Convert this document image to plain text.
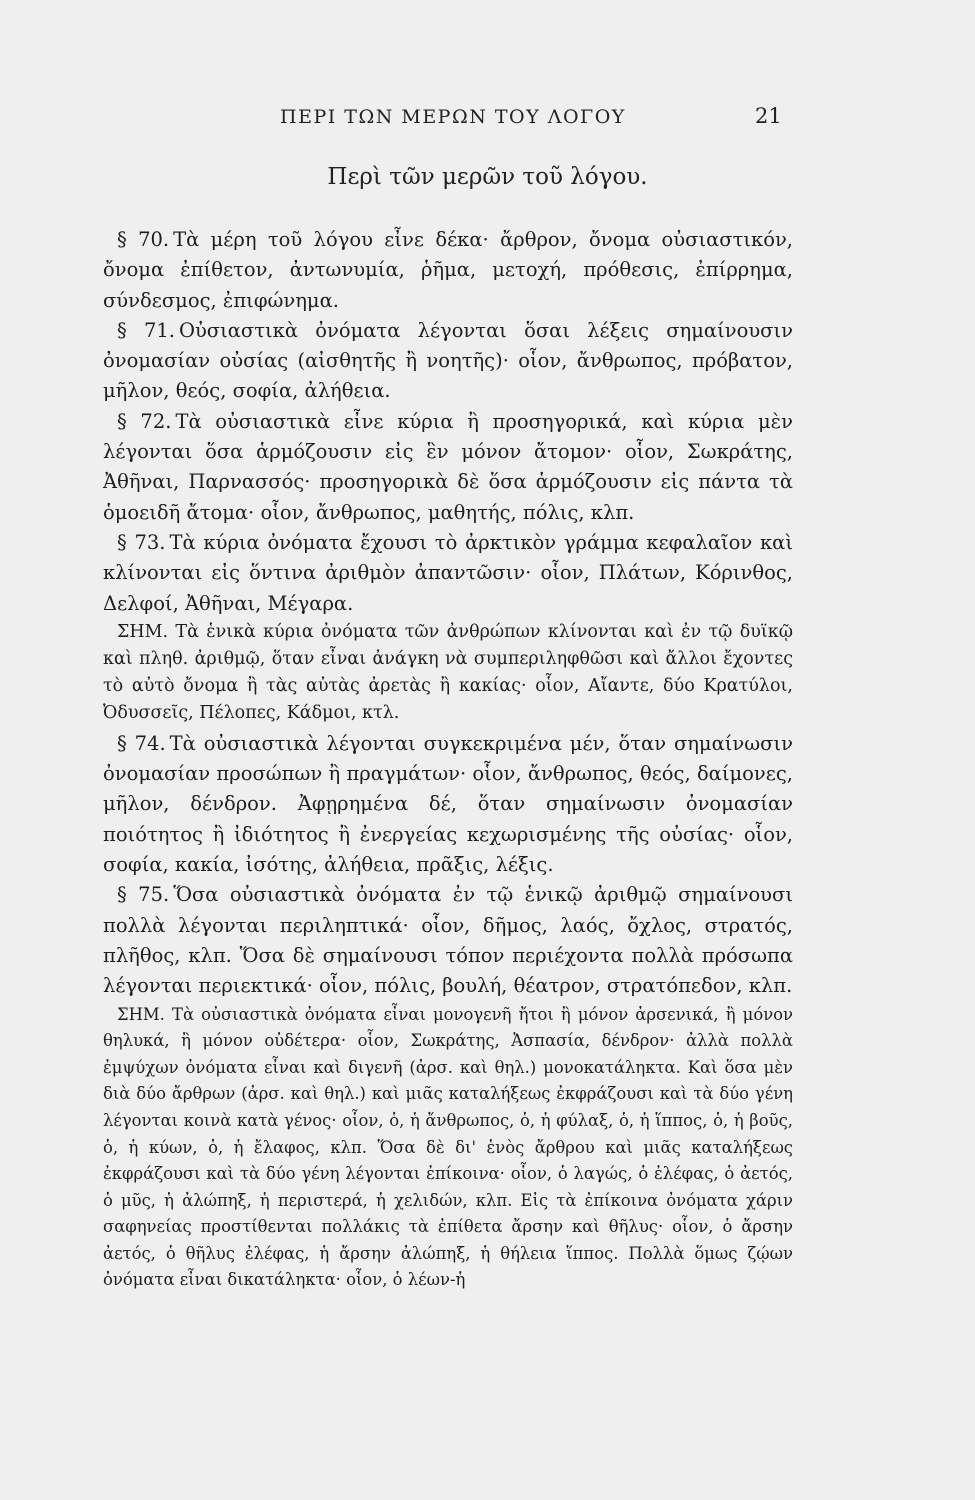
ΠΕΡΙ ΤΩΝ ΜΕΡΩΝ ΤΟΥ ΛΟΓΟΥ	21
Περὶ τῶν μερῶν τοῦ λόγου.

§ 70. Τὰ μέρη τοῦ λόγου εἶνε δέκα· ἄρθρον, ὄνομα οὐσιαστικόν, ὄνομα ἐπίθετον, ἀντωνυμία, ῥῆμα, μετοχή, πρόθεσις, ἐπίρρημα, σύνδεσμος, ἐπιφώνημα.

§ 71. Οὐσιαστικὰ ὀνόματα λέγονται ὅσαι λέξεις σημαίνουσιν ὀνομασίαν οὐσίας (αἰσθητῆς ἢ νοητῆς)· οἷον, ἄνθρωπος, πρόβατον, μῆλον, θεός, σοφία, ἀλήθεια.

§ 72. Τὰ οὐσιαστικὰ εἶνε κύρια ἢ προσηγορικά, καὶ κύρια μὲν λέγονται ὅσα ἁρμόζουσιν εἰς ἓν μόνον ἄτομον· οἷον, Σωκράτης, Ἀθῆναι, Παρνασσός· προσηγορικὰ δὲ ὅσα ἁρμόζουσιν εἰς πάντα τὰ ὁμοειδῆ ἄτομα· οἷον, ἄνθρωπος, μαθητής, πόλις, κλπ.

§ 73. Τὰ κύρια ὀνόματα ἔχουσι τὸ ἀρκτικὸν γράμμα κεφαλαῖον καὶ κλίνονται εἰς ὅντινα ἀριθμὸν ἀπαντῶσιν· οἷον, Πλάτων, Κόρινθος, Δελφοί, Ἀθῆναι, Μέγαρα.

ΣΗΜ. Τὰ ἑνικὰ κύρια ὀνόματα τῶν ἀνθρώπων κλίνονται καὶ ἐν τῷ δυϊκῷ καὶ πληθ. ἀριθμῷ, ὅταν εἶναι ἀνάγκη νὰ συμπεριληφθῶσι καὶ ἄλλοι ἔχοντες τὸ αὐτὸ ὄνομα ἢ τὰς αὐτὰς ἀρετὰς ἢ κακίας· οἷον, Αἴαντε, δύο Κρατύλοι, Ὀδυσσεῖς, Πέλοπες, Κάδμοι, κτλ.

§ 74. Τὰ οὐσιαστικὰ λέγονται συγκεκριμένα μέν, ὅταν σημαίνωσιν ὀνομασίαν προσώπων ἢ πραγμάτων· οἷον, ἄνθρωπος, θεός, δαίμονες, μῆλον, δένδρον. Ἀφῃρημένα δέ, ὅταν σημαίνωσιν ὀνομασίαν ποιότητος ἢ ἰδιότητος ἢ ἐνεργείας κεχωρισμένης τῆς οὐσίας· οἷον, σοφία, κακία, ἰσότης, ἀλήθεια, πρᾶξις, λέξις.

§ 75. Ὅσα οὐσιαστικὰ ὀνόματα ἐν τῷ ἑνικῷ ἀριθμῷ σημαίνουσι πολλὰ λέγονται περιληπτικά· οἷον, δῆμος, λαός, ὄχλος, στρατός, πλῆθος, κλπ. Ὅσα δὲ σημαίνουσι τόπον περιέχοντα πολλὰ πρόσωπα λέγονται περιεκτικά· οἷον, πόλις, βουλή, θέατρον, στρατόπεδον, κλπ.

ΣΗΜ. Τὰ οὐσιαστικὰ ὀνόματα εἶναι μονογενῆ ἤτοι ἢ μόνον ἀρσενικά, ἢ μόνον θηλυκά, ἢ μόνον οὐδέτερα· οἷον, Σωκράτης, Ἀσπασία, δένδρον· ἀλλὰ πολλὰ ἐμψύχων ὀνόματα εἶναι καὶ διγενῆ (ἀρσ. καὶ θηλ.) μονοκατάληκτα. Καὶ ὅσα μὲν διὰ δύο ἄρθρων (ἀρσ. καὶ θηλ.) καὶ μιᾶς καταλήξεως ἐκφράζουσι καὶ τὰ δύο γένη λέγονται κοινὰ κατὰ γένος· οἷον, ὁ, ἡ ἄνθρωπος, ὁ, ἡ φύλαξ, ὁ, ἡ ἵππος, ὁ, ἡ βοῦς, ὁ, ἡ κύων, ὁ, ἡ ἔλαφος, κλπ. Ὅσα δὲ δι' ἑνὸς ἄρθρου καὶ μιᾶς καταλήξεως ἐκφράζουσι καὶ τὰ δύο γένη λέγονται ἐπίκοινα· οἷον, ὁ λαγώς, ὁ ἐλέφας, ὁ ἀετός, ὁ μῦς, ἡ ἀλώπηξ, ἡ περιστερά, ἡ χελιδών, κλπ. Εἰς τὰ ἐπίκοινα ὀνόματα χάριν σαφηνείας προστίθενται πολλάκις τὰ ἐπίθετα ἄρσην καὶ θῆλυς· οἷον, ὁ ἄρσην ἀετός, ὁ θῆλυς ἐλέφας, ἡ ἄρσην ἀλώπηξ, ἡ θήλεια ἵππος. Πολλὰ ὅμως ζῴων ὀνόματα εἶναι δικατάληκτα· οἷον, ὁ λέων-ἡ
